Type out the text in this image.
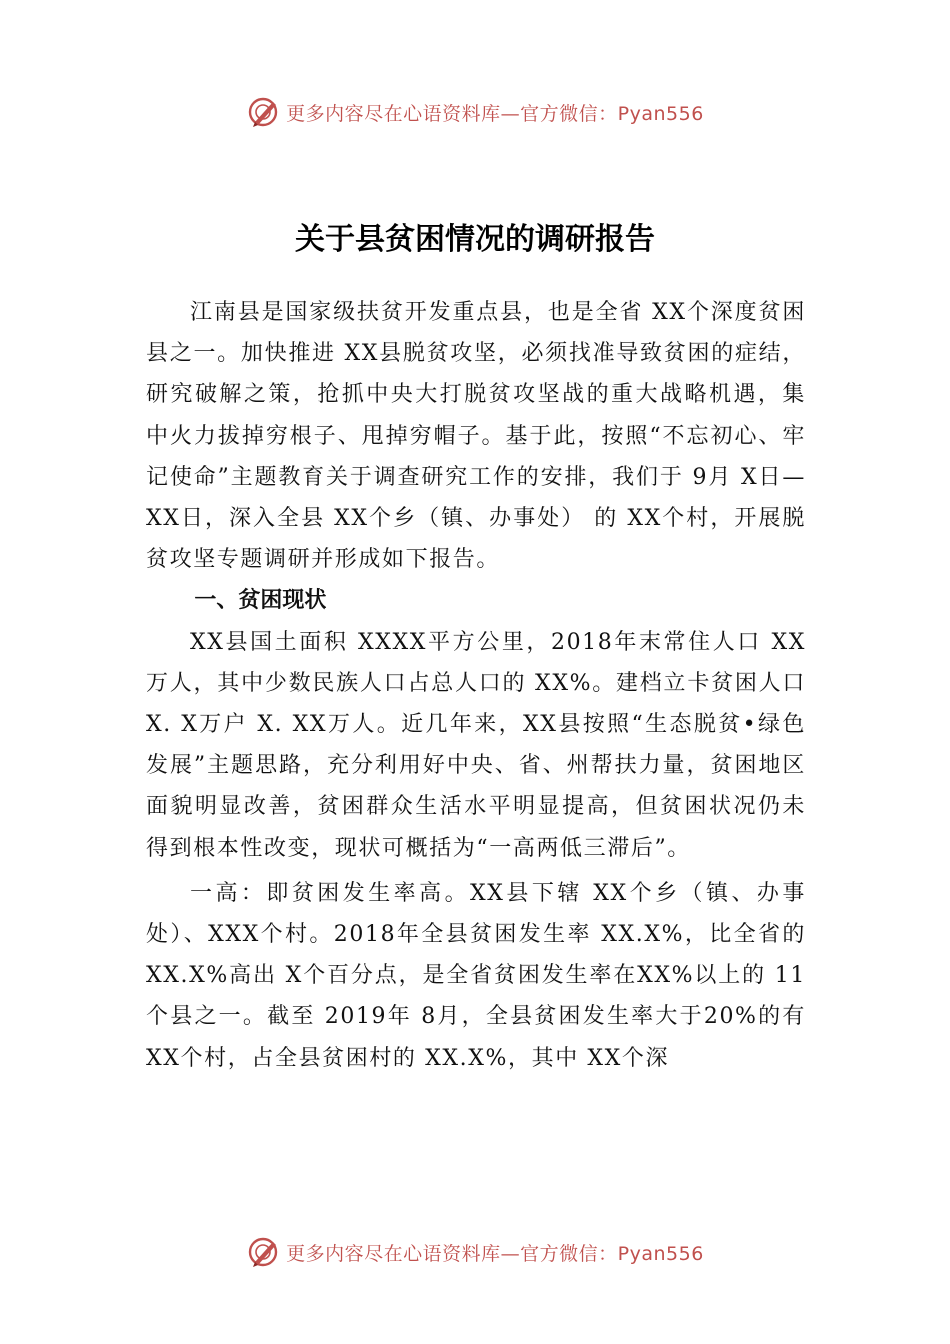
更多内容尽在心语资料库—官方微信：Pyan556
关于县贫困情况的调研报告

江南县是国家级扶贫开发重点县，也是全省 XX个深度贫困县之一。加快推进 XX县脱贫攻坚，必须找准导致贫困的症结，研究破解之策，抢抓中央大打脱贫攻坚战的重大战略机遇，集中火力拔掉穷根子、甩掉穷帽子。基于此，按照“不忘初心、牢记使命”主题教育关于调查研究工作的安排，我们于 9月 X日—XX日，深入全县 XX个乡（镇、办事处） 的 XX个村，开展脱贫攻坚专题调研并形成如下报告。

一、贫困现状

XX县国土面积 XXXX平方公里，2018年末常住人口 XX万人，其中少数民族人口占总人口的 XX%。建档立卡贫困人口 X. X万户 X. XX万人。近几年来，XX县按照“生态脱贫•绿色发展”主题思路，充分利用好中央、省、州帮扶力量，贫困地区面貌明显改善，贫困群众生活水平明显提高，但贫困状况仍未得到根本性改变，现状可概括为“一高两低三滞后”。

一高：即贫困发生率高。XX县下辖 XX个乡（镇、办事处）、XXX个村。2018年全县贫困发生率 XX.X%，比全省的 XX.X%高出 X个百分点，是全省贫困发生率在XX%以上的 11个县之一。截至 2019年 8月，全县贫困发生率大于20%的有 XX个村，占全县贫困村的 XX.X%，其中 XX个深

更多内容尽在心语资料库—官方微信：Pyan556
